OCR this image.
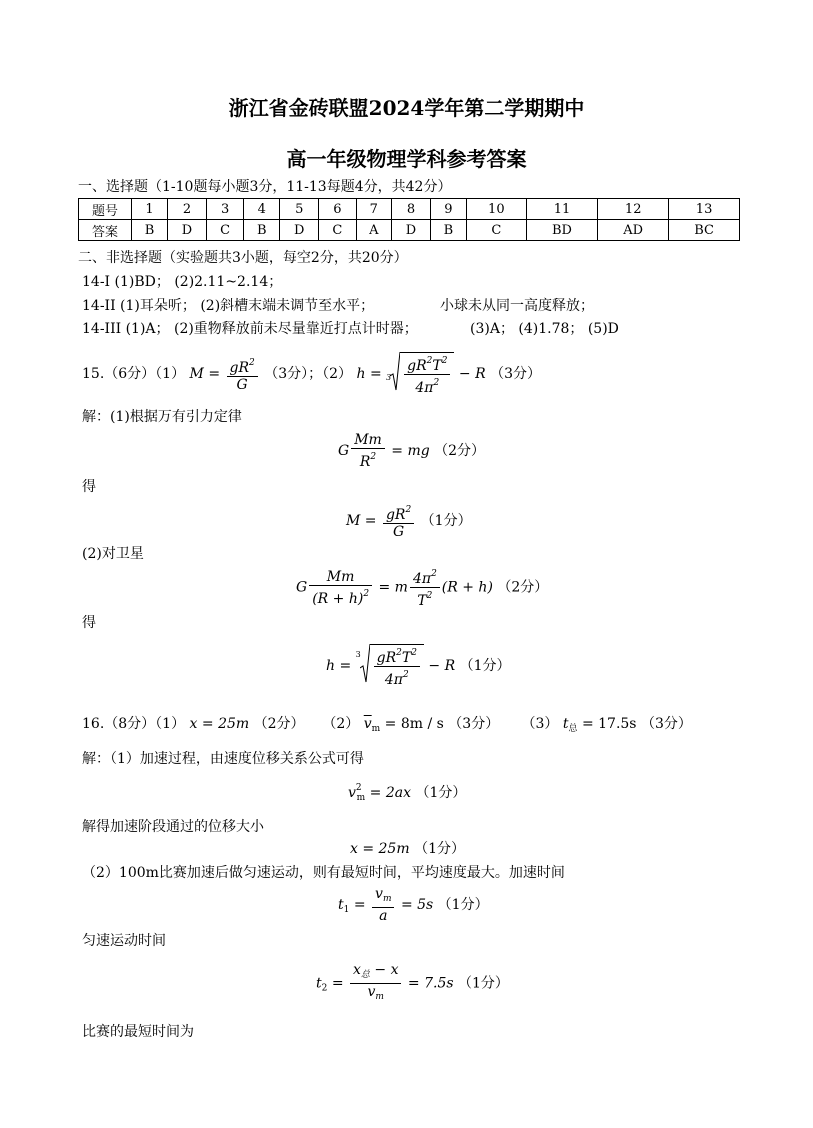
浙江省金砖联盟2024学年第二学期期中
高一年级物理学科参考答案
一、选择题（1-10题每小题3分，11-13每题4分，共42分）
题号	1	2	3	4	5	6	7	8	9	10	11	12	13
答案	B	D	C	B	D	C	A	D	B	C	BD	AD	BC
二、非选择题（实验题共3小题，每空2分，共20分）
14-I (1)BD； (2)2.11~2.14；
14-II (1)耳朵听； (2)斜槽末端未调节至水平；	小球未从同一高度释放；
14-III (1)A； (2)重物释放前未尽量靠近打点计时器；	(3)A； (4)1.78； (5)D
15.（6分）（1） $M = \frac{gR^2}{G} (3$分）；（2） $h = 3 \frac{gR^2T^2}{4\pi^2} - R$ （3分）
解：(1)根据万有引力定律
G $\frac{Mm}{R^2}$ = mg （2分）
得
$M = \frac{gR^2}{G} (1$分）
(2)对卫星
G $\frac{Mm}{(R + h)^2} = m \frac{4\pi^2}{T^2} (R + h)$ （2分）
得
h =
$3 \frac{gR^2T^2}{4\pi^2} - R$ （1分）
16.（8分）（1） x = 25m （2分） （2） $\overline{v}_m = 8m / s$ （3分） （3） $t_总 = 17.5s$ （3分）
解：（1）加速过程，由速度位移关系公式可得
$v^2_m = 2ax$ （1分）
解得加速阶段通过的位移大小
x = 25m （1分）
（2）100m比赛加速后做匀速运动，则有最短时间，平均速度最大。加速时间
$t_1 = \frac{v_m}{a} = 5s$ （1分）
匀速运动时间
$t_2 = \frac{x_总 - x}{v_m} = 7.5s$ （1分）
比赛的最短时间为
